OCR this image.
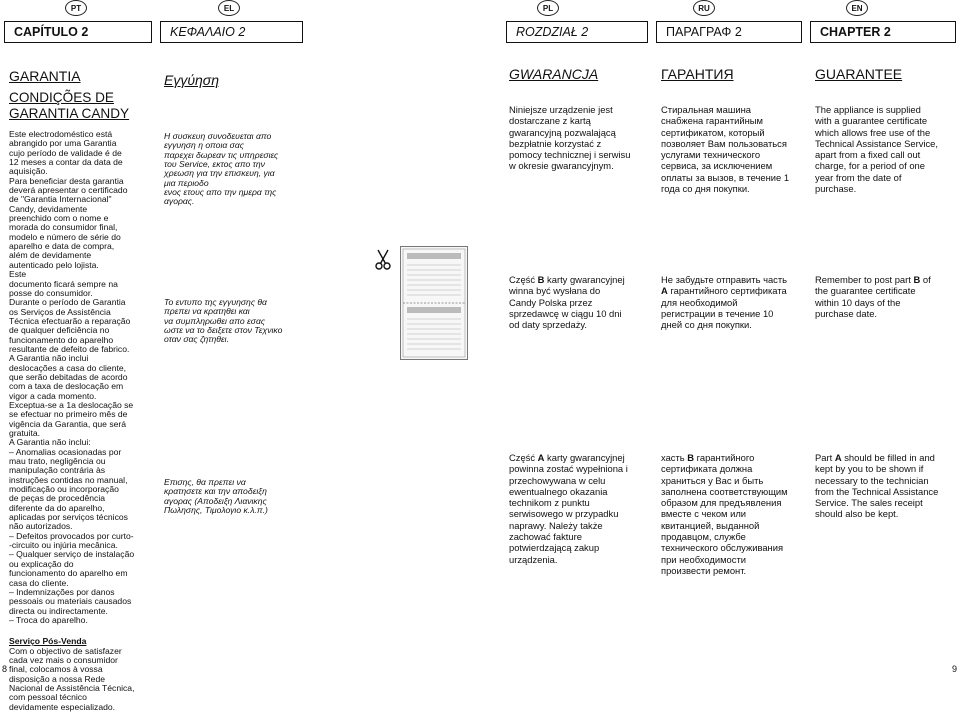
PT	EL	PL	RU	EN
CAPÍTULO 2	ΚΕΦΑΛΑΙΟ 2	ROZDZIAŁ 2	ΠΑΡΑΓΡΑΦ 2	CHAPTER 2

GARANTIA

CONDIÇÕES DE
GARANTIA CANDY

Este electrodoméstico está
abrangido por uma Garantia
cujo período de validade é de
12 meses a contar da data de
aquisição.
Para beneficiar desta garantia
deverá apresentar o certificado
de "Garantia Internacional"
Candy, devidamente
preenchido com o nome e
morada do consumidor final,
modelo e número de série do
aparelho e data de compra,
além de devidamente
autenticado pelo lojista.
Este
documento ficará sempre na
posse do consumidor.
Durante o período de Garantia
os Serviços de Assistência
Técnica efectuarão a reparação
de qualquer deficiência no
funcionamento do aparelho
resultante de defeito de fabrico.
A Garantia não inclui
deslocações a casa do cliente,
que serão debitadas de acordo
com a taxa de deslocação em
vigor a cada momento.
Exceptua-se a 1a deslocação se
se efectuar no primeiro mês de
vigência da Garantia, que será
gratuita.
A Garantia não inclui:
– Anomalias ocasionadas por
mau trato, negligência ou
manipulação contrária às
instruções contidas no manual,
modificação ou incorporação
de peças de procedência
diferente da do aparelho,
aplicadas por serviços técnicos
não autorizados.
– Defeitos provocados por curto-
-circuito ou injúria mecânica.
– Qualquer serviço de instalação
ou explicação do
funcionamento do aparelho em
casa do cliente.
– Indemnizações por danos
pessoais ou materiais causados
directa ou indirectamente.
– Troca do aparelho.

Serviço Pós-Venda

Com o objectivo de satisfazer
cada vez mais o consumidor
final, colocamos à vossa
disposição a nossa Rede
Nacional de Assistência Técnica,
com pessoal técnico
devidamente especializado.

Εγγύηση

Η συσκευη συνοδευεται απο
εγγυηση η οποια σας
παρεχει δωρεαν τις υπηρεσιες
του Service, εκτος απο την
χρεωση για την επισκευη, για
μια περιοδο
ενος ετους απο την ημερα της
αγορας.

Το εντυπο της εγγυησης θα
πρεπει να κρατηθει και
να συμπληρωθει απο εσας
ωστε να το δειξετε στον Τεχνικο
οταν σας ζητηθει.

Επισης, θα πρεπει να
κρατησετε και την αποδειξη
αγορας (Αποδειξη Λιανικης
Πωλησης, Τιμολογιο κ.λ.π.)

GWARANCJA

Niniejsze urządzenie jest
dostarczane z kartą
gwarancyjną pozwalającą
bezpłatnie korzystać z
pomocy technicznej i serwisu
w okresie gwarancyjnym.

Część B karty gwarancyjnej
winna być wysłana do
Candy Polska przez
sprzedawcę w ciągu 10 dni
od daty sprzedaży.

Część A karty gwarancyjnej
powinna zostać wypełniona i
przechowywana w celu
ewentualnego okazania
technikom z punktu
serwisowego w przypadku
naprawy. Należy także
zachować fakture
potwierdzającą zakup
urządzenia.

ГАРАНТИЯ

Стиральная машина
снабжена гарантийным
сертификатом, который
позволяет Вам пользоваться
услугами технического
сервиса, за исключением
оплаты за вызов, в течение 1
года со дня покупки.

Не забудьте отправить часть
А гарантийного сертификата
для необходимой
регистрации в течение 10
дней со дня покупки.

хасть В гарантийного
сертификата должна
храниться у Вас и быть
заполнена соответствующим
образом для предъявления
вместе с чеком или
квитанцией, выданной
продавцом, службе
технического обслуживания
при необходимости
произвести ремонт.

GUARANTEE

The appliance is supplied
with a guarantee certificate
which allows free use of the
Technical Assistance Service,
apart from a fixed call out
charge, for a period of one
year from the date of
purchase.

Remember to post part B of
the guarantee certificate
within 10 days of the
purchase date.

Part A should be filled in and
kept by you to be shown if
necessary to the technician
from the Technical Assistance
Service. The sales receipt
should also be kept.

8	9
